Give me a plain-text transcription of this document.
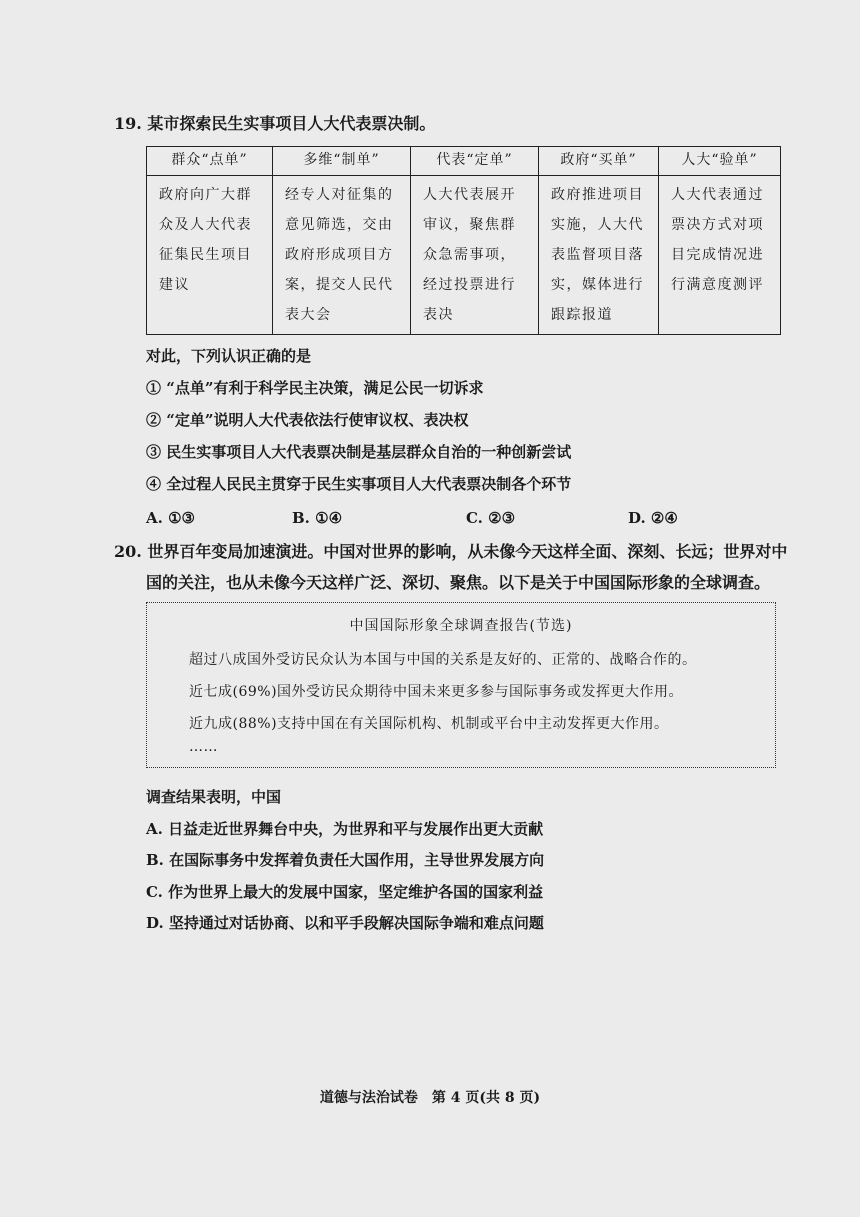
19. 某市探索民生实事项目人大代表票决制。
群众“点单”	多维“制单”	代表“定单”	政府“买单”	人大“验单”
政府向广大群众及人大代表征集民生项目建议	经专人对征集的意见筛选，交由政府形成项目方案，提交人民代表大会	人大代表展开审议，聚焦群众急需事项，经过投票进行表决	政府推进项目实施，人大代表监督项目落实，媒体进行跟踪报道	人大代表通过票决方式对项目完成情况进行满意度测评
对此，下列认识正确的是
① “点单”有利于科学民主决策，满足公民一切诉求
② “定单”说明人大代表依法行使审议权、表决权
③ 民生实事项目人大代表票决制是基层群众自治的一种创新尝试
④ 全过程人民民主贯穿于民生实事项目人大代表票决制各个环节
A. ①③	B. ①④	C. ②③	D. ②④
20. 世界百年变局加速演进。中国对世界的影响，从未像今天这样全面、深刻、长远；世界对中
国的关注，也从未像今天这样广泛、深切、聚焦。以下是关于中国国际形象的全球调查。
中国国际形象全球调查报告(节选)
超过八成国外受访民众认为本国与中国的关系是友好的、正常的、战略合作的。
近七成(69%)国外受访民众期待中国未来更多参与国际事务或发挥更大作用。
近九成(88%)支持中国在有关国际机构、机制或平台中主动发挥更大作用。
……
调查结果表明，中国
A. 日益走近世界舞台中央，为世界和平与发展作出更大贡献
B. 在国际事务中发挥着负责任大国作用，主导世界发展方向
C. 作为世界上最大的发展中国家，坚定维护各国的国家利益
D. 坚持通过对话协商、以和平手段解决国际争端和难点问题
道德与法治试卷　第 4 页(共 8 页)
